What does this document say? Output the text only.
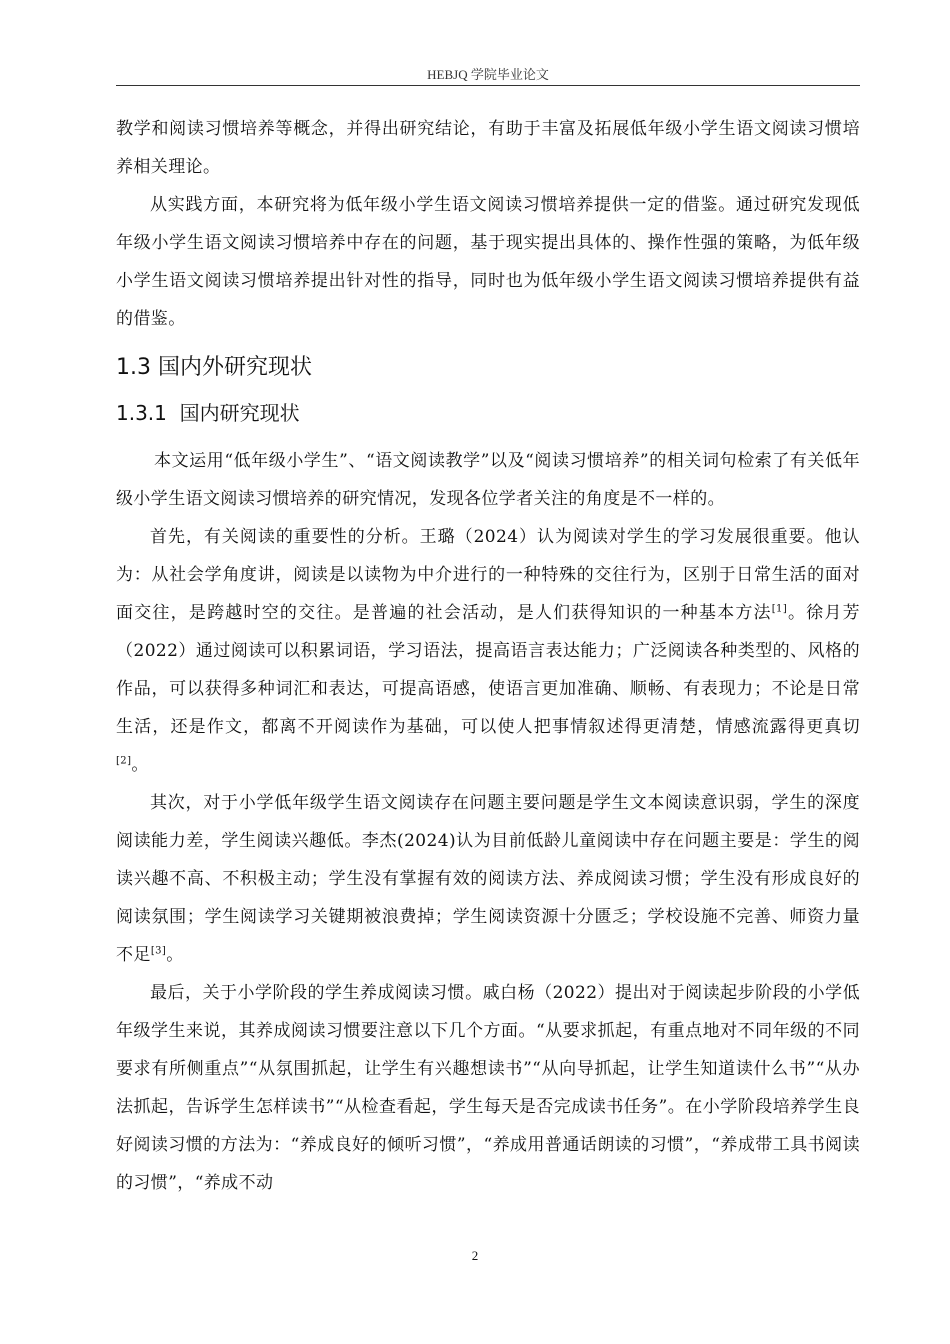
HEBJQ 学院毕业论文

教学和阅读习惯培养等概念，并得出研究结论，有助于丰富及拓展低年级小学生语文阅读习惯培养相关理论。

从实践方面，本研究将为低年级小学生语文阅读习惯培养提供一定的借鉴。通过研究发现低年级小学生语文阅读习惯培养中存在的问题，基于现实提出具体的、操作性强的策略，为低年级小学生语文阅读习惯培养提出针对性的指导，同时也为低年级小学生语文阅读习惯培养提供有益的借鉴。

1.3 国内外研究现状
1.3.1 国内研究现状

本文运用“低年级小学生”、“语文阅读教学”以及“阅读习惯培养”的相关词句检索了有关低年级小学生语文阅读习惯培养的研究情况，发现各位学者关注的角度是不一样的。

首先，有关阅读的重要性的分析。王璐（2024）认为阅读对学生的学习发展很重要。他认为：从社会学角度讲，阅读是以读物为中介进行的一种特殊的交往行为，区别于日常生活的面对面交往，是跨越时空的交往。是普遍的社会活动，是人们获得知识的一种基本方法[1]。徐月芳（2022）通过阅读可以积累词语，学习语法，提高语言表达能力；广泛阅读各种类型的、风格的作品，可以获得多种词汇和表达，可提高语感，使语言更加准确、顺畅、有表现力；不论是日常生活，还是作文，都离不开阅读作为基础，可以使人把事情叙述得更清楚，情感流露得更真切[2]。

其次，对于小学低年级学生语文阅读存在问题主要问题是学生文本阅读意识弱，学生的深度阅读能力差，学生阅读兴趣低。李杰(2024)认为目前低龄儿童阅读中存在问题主要是：学生的阅读兴趣不高、不积极主动；学生没有掌握有效的阅读方法、养成阅读习惯；学生没有形成良好的阅读氛围；学生阅读学习关键期被浪费掉；学生阅读资源十分匮乏；学校设施不完善、师资力量不足[3]。

最后，关于小学阶段的学生养成阅读习惯。戚白杨（2022）提出对于阅读起步阶段的小学低年级学生来说，其养成阅读习惯要注意以下几个方面。“从要求抓起，有重点地对不同年级的不同要求有所侧重点”“从氛围抓起，让学生有兴趣想读书”“从向导抓起，让学生知道读什么书”“从办法抓起，告诉学生怎样读书”“从检查看起，学生每天是否完成读书任务”。在小学阶段培养学生良好阅读习惯的方法为：“养成良好的倾听习惯”，“养成用普通话朗读的习惯”，“养成带工具书阅读的习惯”，“养成不动

2
